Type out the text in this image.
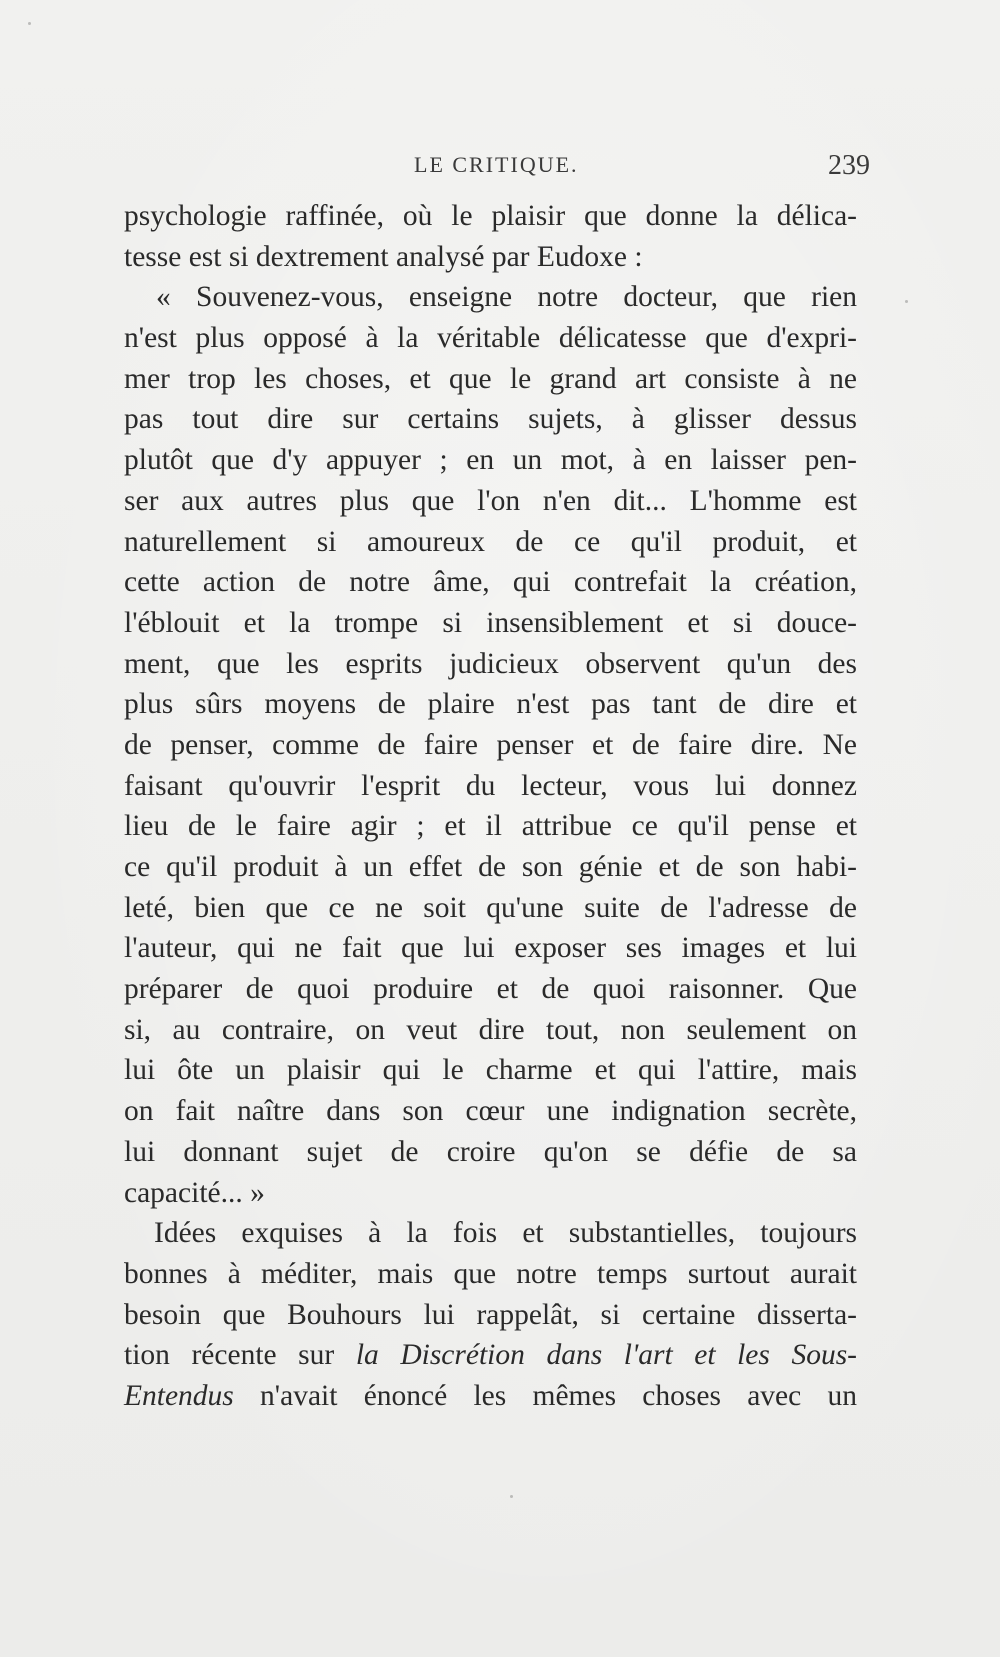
LE CRITIQUE.	239
psychologie raffinée, où le plaisir que donne la délica-
tesse est si dextrement analysé par Eudoxe :
« Souvenez-vous, enseigne notre docteur, que rien
n'est plus opposé à la véritable délicatesse que d'expri-
mer trop les choses, et que le grand art consiste à ne
pas tout dire sur certains sujets, à glisser dessus
plutôt que d'y appuyer ; en un mot, à en laisser pen-
ser aux autres plus que l'on n'en dit... L'homme est
naturellement si amoureux de ce qu'il produit, et
cette action de notre âme, qui contrefait la création,
l'éblouit et la trompe si insensiblement et si douce-
ment, que les esprits judicieux observent qu'un des
plus sûrs moyens de plaire n'est pas tant de dire et
de penser, comme de faire penser et de faire dire. Ne
faisant qu'ouvrir l'esprit du lecteur, vous lui donnez
lieu de le faire agir ; et il attribue ce qu'il pense et
ce qu'il produit à un effet de son génie et de son habi-
leté, bien que ce ne soit qu'une suite de l'adresse de
l'auteur, qui ne fait que lui exposer ses images et lui
préparer de quoi produire et de quoi raisonner. Que
si, au contraire, on veut dire tout, non seulement on
lui ôte un plaisir qui le charme et qui l'attire, mais
on fait naître dans son cœur une indignation secrète,
lui donnant sujet de croire qu'on se défie de sa
capacité... »
Idées exquises à la fois et substantielles, toujours
bonnes à méditer, mais que notre temps surtout aurait
besoin que Bouhours lui rappelât, si certaine disserta-
tion récente sur la Discrétion dans l'art et les Sous-
Entendus n'avait énoncé les mêmes choses avec un
